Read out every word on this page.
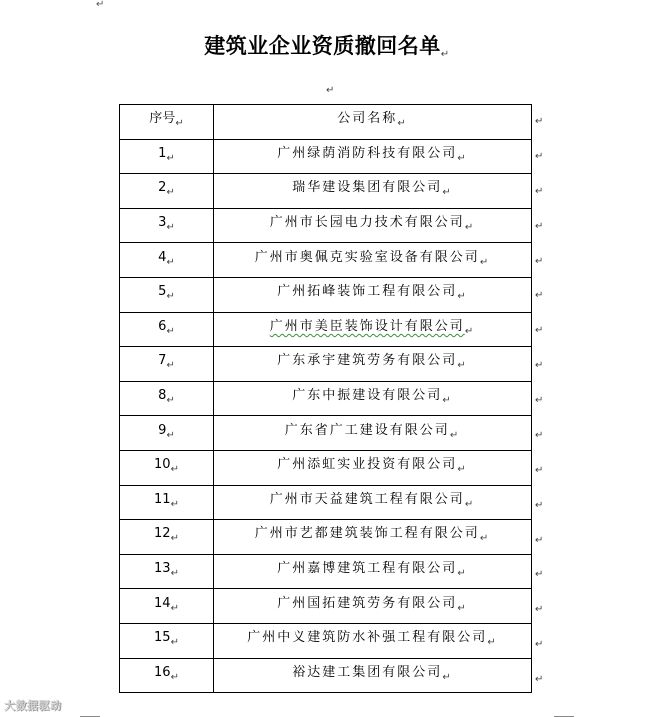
↵
建筑业企业资质撤回名单↵
↵
序号$_↵$	公司名称$_↵$
$1_↵$	广州绿荫消防科技有限公司$_↵$
$2_↵$	瑞华建设集团有限公司$_↵$
$3_↵$	广州市长园电力技术有限公司$_↵$
$4_↵$	广州市奥佩克实验室设备有限公司$_↵$
$5_↵$	广州拓峰装饰工程有限公司$_↵$
$6_↵$	广州市美臣装饰设计有限公司$_↵$
$7_↵$	广东承宇建筑劳务有限公司$_↵$
$8_↵$	广东中振建设有限公司$_↵$
$9_↵$	广东省广工建设有限公司$_↵$
$10_↵$	广州添虹实业投资有限公司$_↵$
$11_↵$	广州市天益建筑工程有限公司$_↵$
$12_↵$	广州市艺都建筑装饰工程有限公司$_↵$
$13_↵$	广州嘉博建筑工程有限公司$_↵$
$14_↵$	广州国拓建筑劳务有限公司$_↵$
$15_↵$	广州中义建筑防水补强工程有限公司$_↵$
$16_↵$	裕达建工集团有限公司$_↵$
↵
↵
↵
↵
↵
↵
↵
↵
↵
↵
↵
↵
↵
↵
↵
↵
↵
大数据驱动
